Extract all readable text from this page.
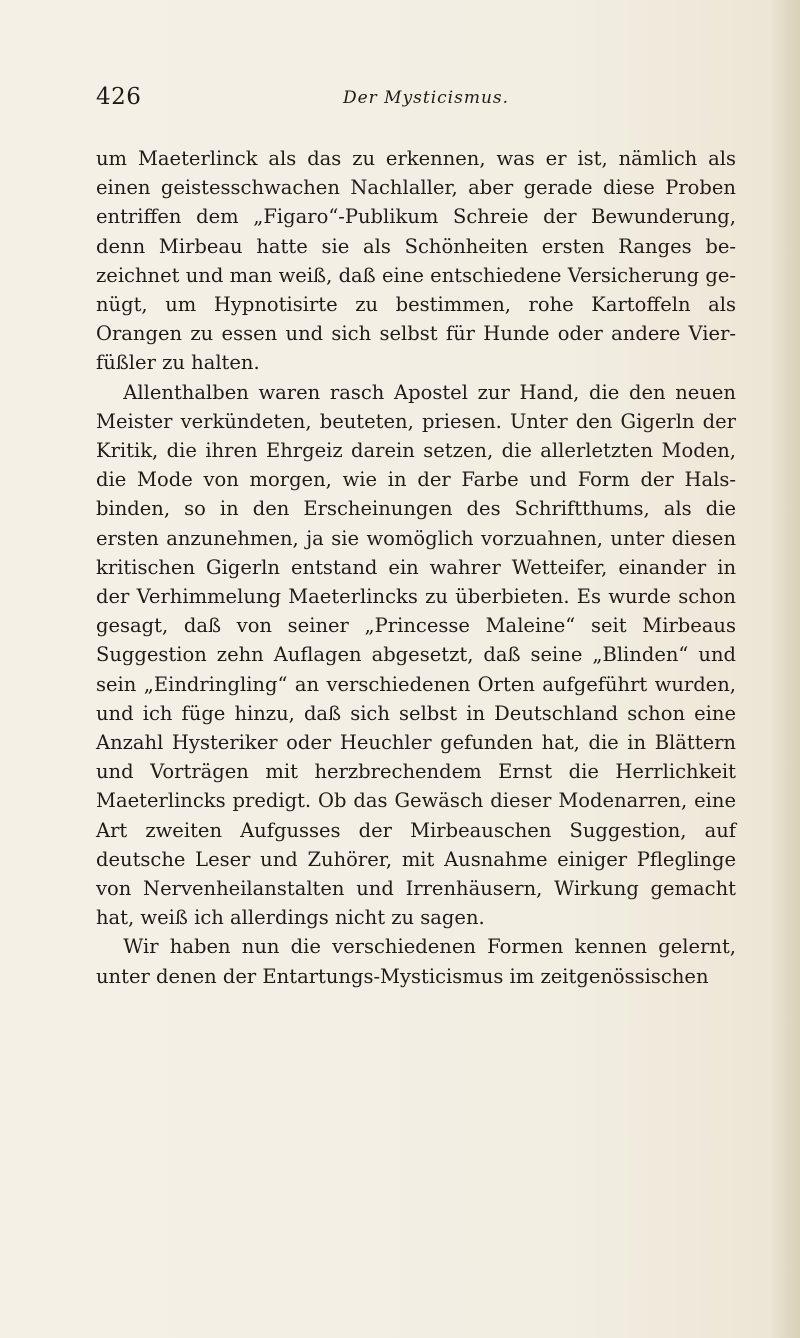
426	Der Mysticismus.

um Maeterlinck als das zu erkennen, was er ist, nämlich als einen geistesschwachen Nachlaller, aber gerade diese Proben entriffen dem „Figaro“-Publikum Schreie der Bewunderung, denn Mirbeau hatte sie als Schönheiten ersten Ranges be-zeichnet und man weiß, daß eine entschiedene Versicherung ge-nügt, um Hypnotisirte zu bestimmen, rohe Kartoffeln als Orangen zu essen und sich selbst für Hunde oder andere Vier-füßler zu halten.

Allenthalben waren rasch Apostel zur Hand, die den neuen Meister verkündeten, beuteten, priesen. Unter den Gigerln der Kritik, die ihren Ehrgeiz darein setzen, die allerletzten Moden, die Mode von morgen, wie in der Farbe und Form der Hals-binden, so in den Erscheinungen des Schriftthums, als die ersten anzunehmen, ja sie womöglich vorzuahnen, unter diesen kritischen Gigerln entstand ein wahrer Wetteifer, einander in der Verhimmelung Maeterlincks zu überbieten. Es wurde schon gesagt, daß von seiner „Princesse Maleine“ seit Mirbeaus Suggestion zehn Auflagen abgesetzt, daß seine „Blinden“ und sein „Eindringling“ an verschiedenen Orten aufgeführt wurden, und ich füge hinzu, daß sich selbst in Deutschland schon eine Anzahl Hysteriker oder Heuchler gefunden hat, die in Blättern und Vorträgen mit herzbrechendem Ernst die Herrlichkeit Maeterlincks predigt. Ob das Gewäsch dieser Modenarren, eine Art zweiten Aufgusses der Mirbeauschen Suggestion, auf deutsche Leser und Zuhörer, mit Ausnahme einiger Pfleglinge von Nervenheilanstalten und Irrenhäusern, Wirkung gemacht hat, weiß ich allerdings nicht zu sagen.

Wir haben nun die verschiedenen Formen kennen gelernt, unter denen der Entartungs-Mysticismus im zeitgenössischen
